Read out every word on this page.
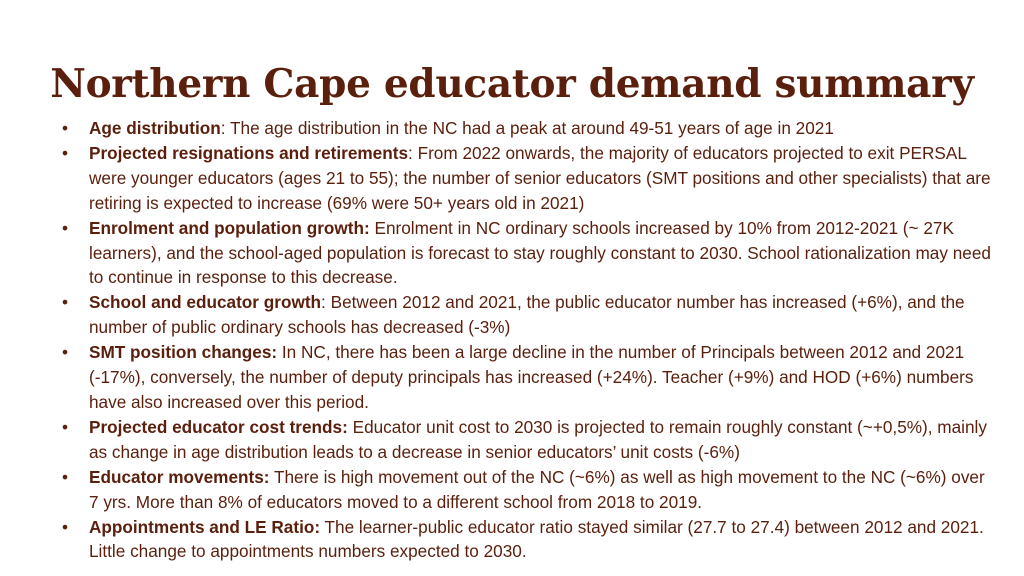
Northern Cape educator demand summary
•	Age distribution: The age distribution in the NC had a peak at around 49-51 years of age in 2021
•	Projected resignations and retirements: From 2022 onwards, the majority of educators projected to exit PERSAL were younger educators (ages 21 to 55); the number of senior educators (SMT positions and other specialists) that are retiring is expected to increase (69% were 50+ years old in 2021)
•	Enrolment and population growth: Enrolment in NC ordinary schools increased by 10% from 2012-2021 (~ 27K learners), and the school-aged population is forecast to stay roughly constant to 2030. School rationalization may need to continue in response to this decrease.
•	School and educator growth: Between 2012 and 2021, the public educator number has increased (+6%), and the number of public ordinary schools has decreased (-3%)
•	SMT position changes: In NC, there has been a large decline in the number of Principals between 2012 and 2021 (-17%), conversely, the number of deputy principals has increased (+24%). Teacher (+9%) and HOD (+6%) numbers have also increased over this period.
•	Projected educator cost trends: Educator unit cost to 2030 is projected to remain roughly constant (~+0,5%), mainly as change in age distribution leads to a decrease in senior educators’ unit costs (-6%)
•	Educator movements: There is high movement out of the NC (~6%) as well as high movement to the NC (~6%) over 7 yrs. More than 8% of educators moved to a different school from 2018 to 2019.
•	Appointments and LE Ratio: The learner-public educator ratio stayed similar (27.7 to 27.4) between 2012 and 2021. Little change to appointments numbers expected to 2030.
